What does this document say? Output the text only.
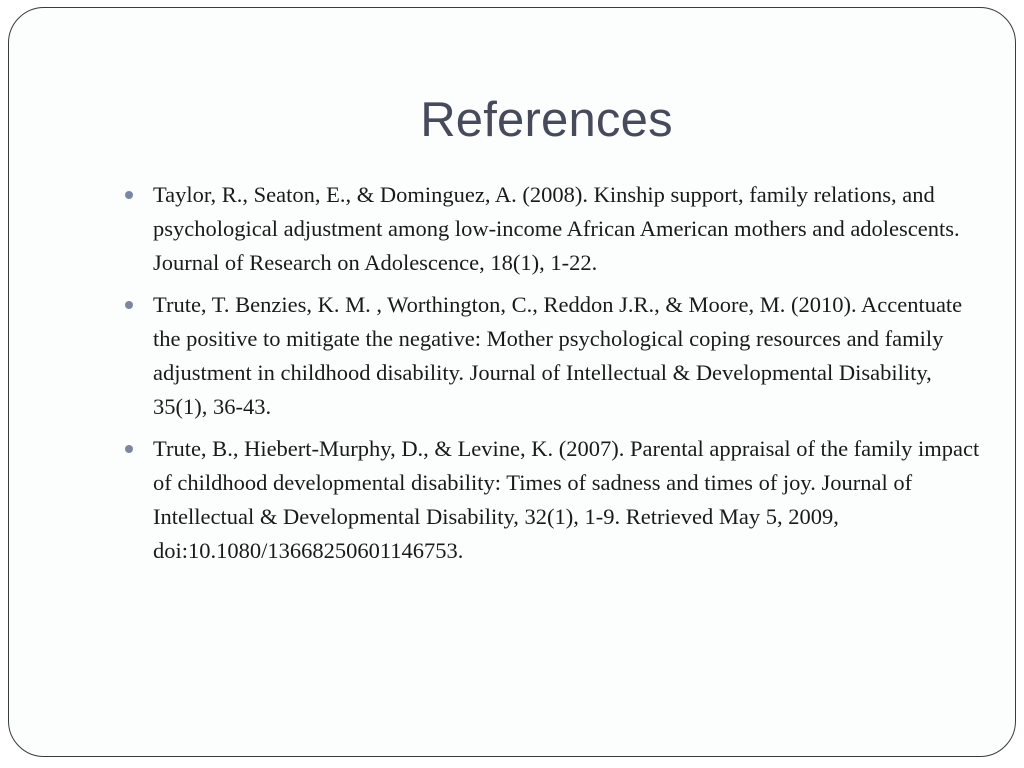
References
Taylor, R., Seaton, E., & Dominguez, A. (2008). Kinship support, family relations, and psychological adjustment among low-income African American mothers and adolescents. Journal of Research on Adolescence, 18(1), 1-22.
Trute, T. Benzies, K. M. , Worthington, C., Reddon J.R., & Moore, M. (2010). Accentuate the positive to mitigate the negative: Mother psychological coping resources and family adjustment in childhood disability. Journal of Intellectual & Developmental Disability, 35(1), 36-43.
Trute, B., Hiebert-Murphy, D., & Levine, K. (2007). Parental appraisal of the family impact of childhood developmental disability: Times of sadness and times of joy. Journal of Intellectual & Developmental Disability, 32(1), 1-9. Retrieved May 5, 2009, doi:10.1080/13668250601146753.
